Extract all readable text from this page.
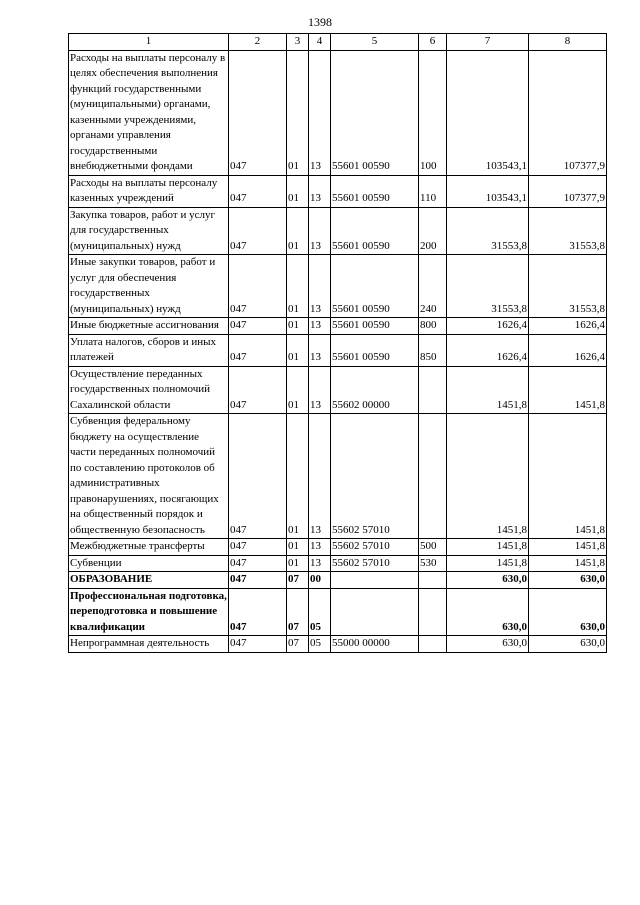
1398
1	2	3	4	5	6	7	8
Расходы на выплаты персоналу в целях обеспечения выполнения функций государственными (муниципальными) органами, казенными учреждениями, органами управления государственными внебюджетными фондами	047	01	13	55601 00590	100	103543,1	107377,9
Расходы на выплаты персоналу казенных учреждений	047	01	13	55601 00590	110	103543,1	107377,9
Закупка товаров, работ и услуг для государственных (муниципальных) нужд	047	01	13	55601 00590	200	31553,8	31553,8
Иные закупки товаров, работ и услуг для обеспечения государственных (муниципальных) нужд	047	01	13	55601 00590	240	31553,8	31553,8
Иные бюджетные ассигнования	047	01	13	55601 00590	800	1626,4	1626,4
Уплата налогов, сборов и иных платежей	047	01	13	55601 00590	850	1626,4	1626,4
Осуществление переданных государственных полномочий Сахалинской области	047	01	13	55602 00000		1451,8	1451,8
Субвенция федеральному бюджету на осуществление части переданных полномочий по составлению протоколов об административных правонарушениях, посягающих на общественный порядок и общественную безопасность	047	01	13	55602 57010		1451,8	1451,8
Межбюджетные трансферты	047	01	13	55602 57010	500	1451,8	1451,8
Субвенции	047	01	13	55602 57010	530	1451,8	1451,8
ОБРАЗОВАНИЕ	047	07	00			630,0	630,0
Профессиональная подготовка, переподготовка и повышение квалификации	047	07	05			630,0	630,0
Непрограммная деятельность	047	07	05	55000 00000		630,0	630,0
